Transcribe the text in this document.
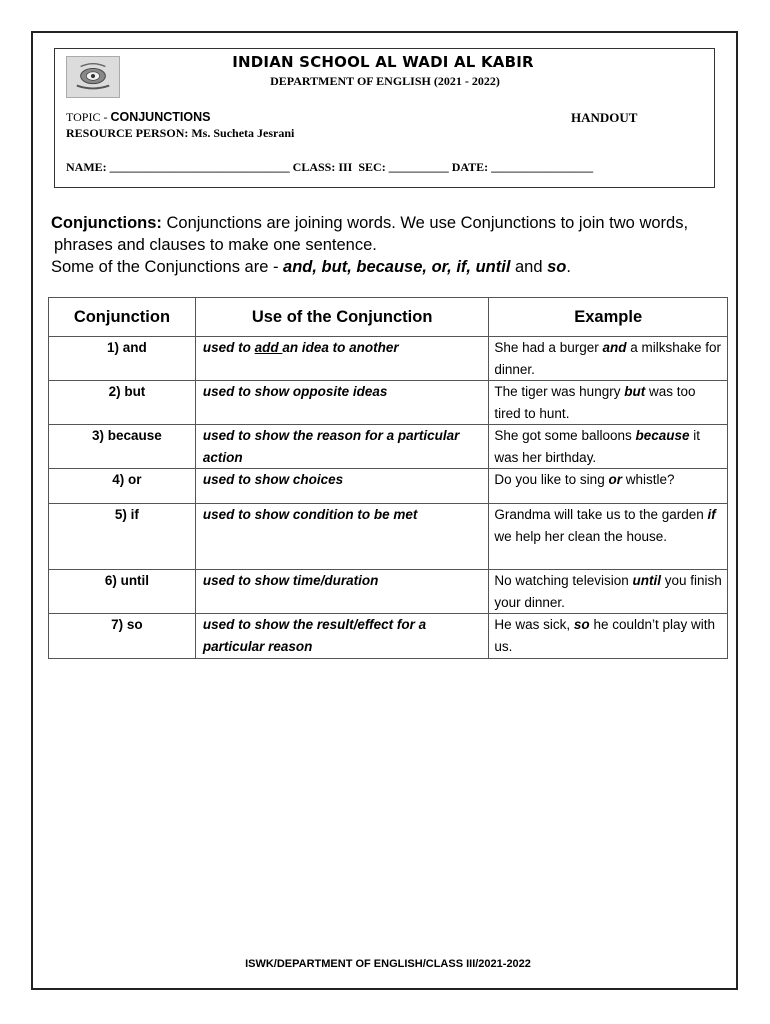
INDIAN SCHOOL AL WADI AL KABIR
DEPARTMENT OF ENGLISH (2021 - 2022)
TOPIC - CONJUNCTIONS	HANDOUT
RESOURCE PERSON: Ms. Sucheta Jesrani
NAME: ______________________________ CLASS: III  SEC: __________ DATE: _________________
Conjunctions: Conjunctions are joining words. We use Conjunctions to join two words,
phrases and clauses to make one sentence.
Some of the Conjunctions are - and, but, because, or, if, until and so.
Conjunction	Use of the Conjunction	Example
1) and	used to add an idea to another	She had a burger and a milkshake for dinner.
2) but	used to show opposite ideas	The tiger was hungry but was too tired to hunt.
3) because	used to show the reason for a particular action	She got some balloons because it was her birthday.
4) or	used to show choices	Do you like to sing or whistle?
5) if	used to show condition to be met	Grandma will take us to the garden if we help her clean the house.
6) until	used to show time/duration	No watching television until you finish your dinner.
7) so	used to show the result/effect for a particular reason	He was sick, so he couldn’t play with us.
ISWK/DEPARTMENT OF ENGLISH/CLASS III/2021-2022
